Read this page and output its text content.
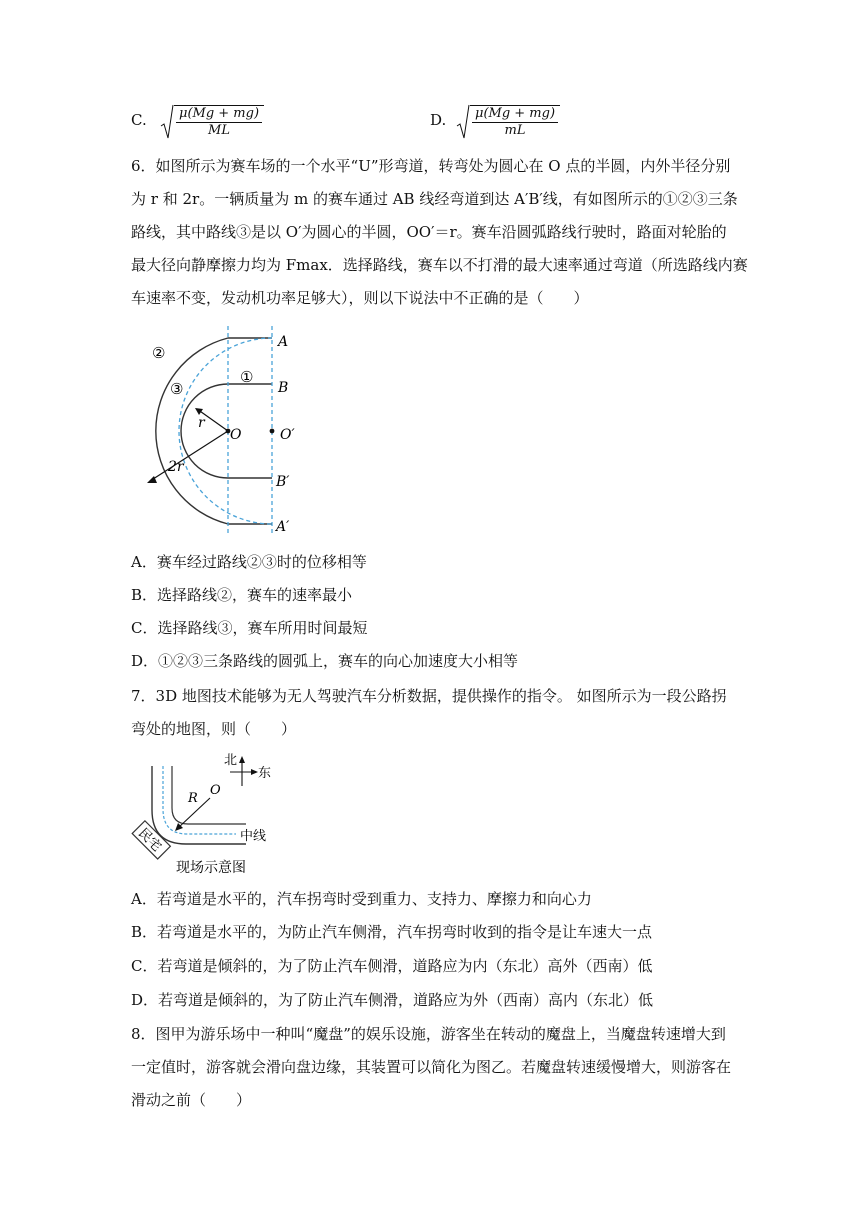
C. $\frac{\mu(Mg + mg)}{ML}$	D. $\frac{\mu(Mg + mg)}{mL}$
6．如图所示为赛车场的一个水平“U”形弯道，转弯处为圆心在 O 点的半圆，内外半径分别
为 r 和 2r。一辆质量为 m 的赛车通过 AB 线经弯道到达 A′B′线，有如图所示的①②③三条
路线，其中路线③是以 O′为圆心的半圆，OO′＝r。赛车沿圆弧路线行驶时，路面对轮胎的
最大径向静摩擦力均为 Fmax．选择路线，赛车以不打滑的最大速率通过弯道（所选路线内赛
车速率不变，发动机功率足够大），则以下说法中不正确的是（　　）
A
B
O	O′
B′
A′
r
2r
①
②
③
A．赛车经过路线②③时的位移相等
B．选择路线②，赛车的速率最小
C．选择路线③，赛车所用时间最短
D．①②③三条路线的圆弧上，赛车的向心加速度大小相等
7．3D 地图技术能够为无人驾驶汽车分析数据，提供操作的指令。 如图所示为一段公路拐
弯处的地图，则（　　）
北
东
R
O
中线
民宅
现场示意图
A．若弯道是水平的，汽车拐弯时受到重力、支持力、摩擦力和向心力
B．若弯道是水平的，为防止汽车侧滑，汽车拐弯时收到的指令是让车速大一点
C．若弯道是倾斜的，为了防止汽车侧滑，道路应为内（东北）高外（西南）低
D．若弯道是倾斜的，为了防止汽车侧滑，道路应为外（西南）高内（东北）低
8．图甲为游乐场中一种叫“魔盘”的娱乐设施，游客坐在转动的魔盘上，当魔盘转速增大到
一定值时，游客就会滑向盘边缘，其装置可以简化为图乙。若魔盘转速缓慢增大，则游客在
滑动之前（　　）
